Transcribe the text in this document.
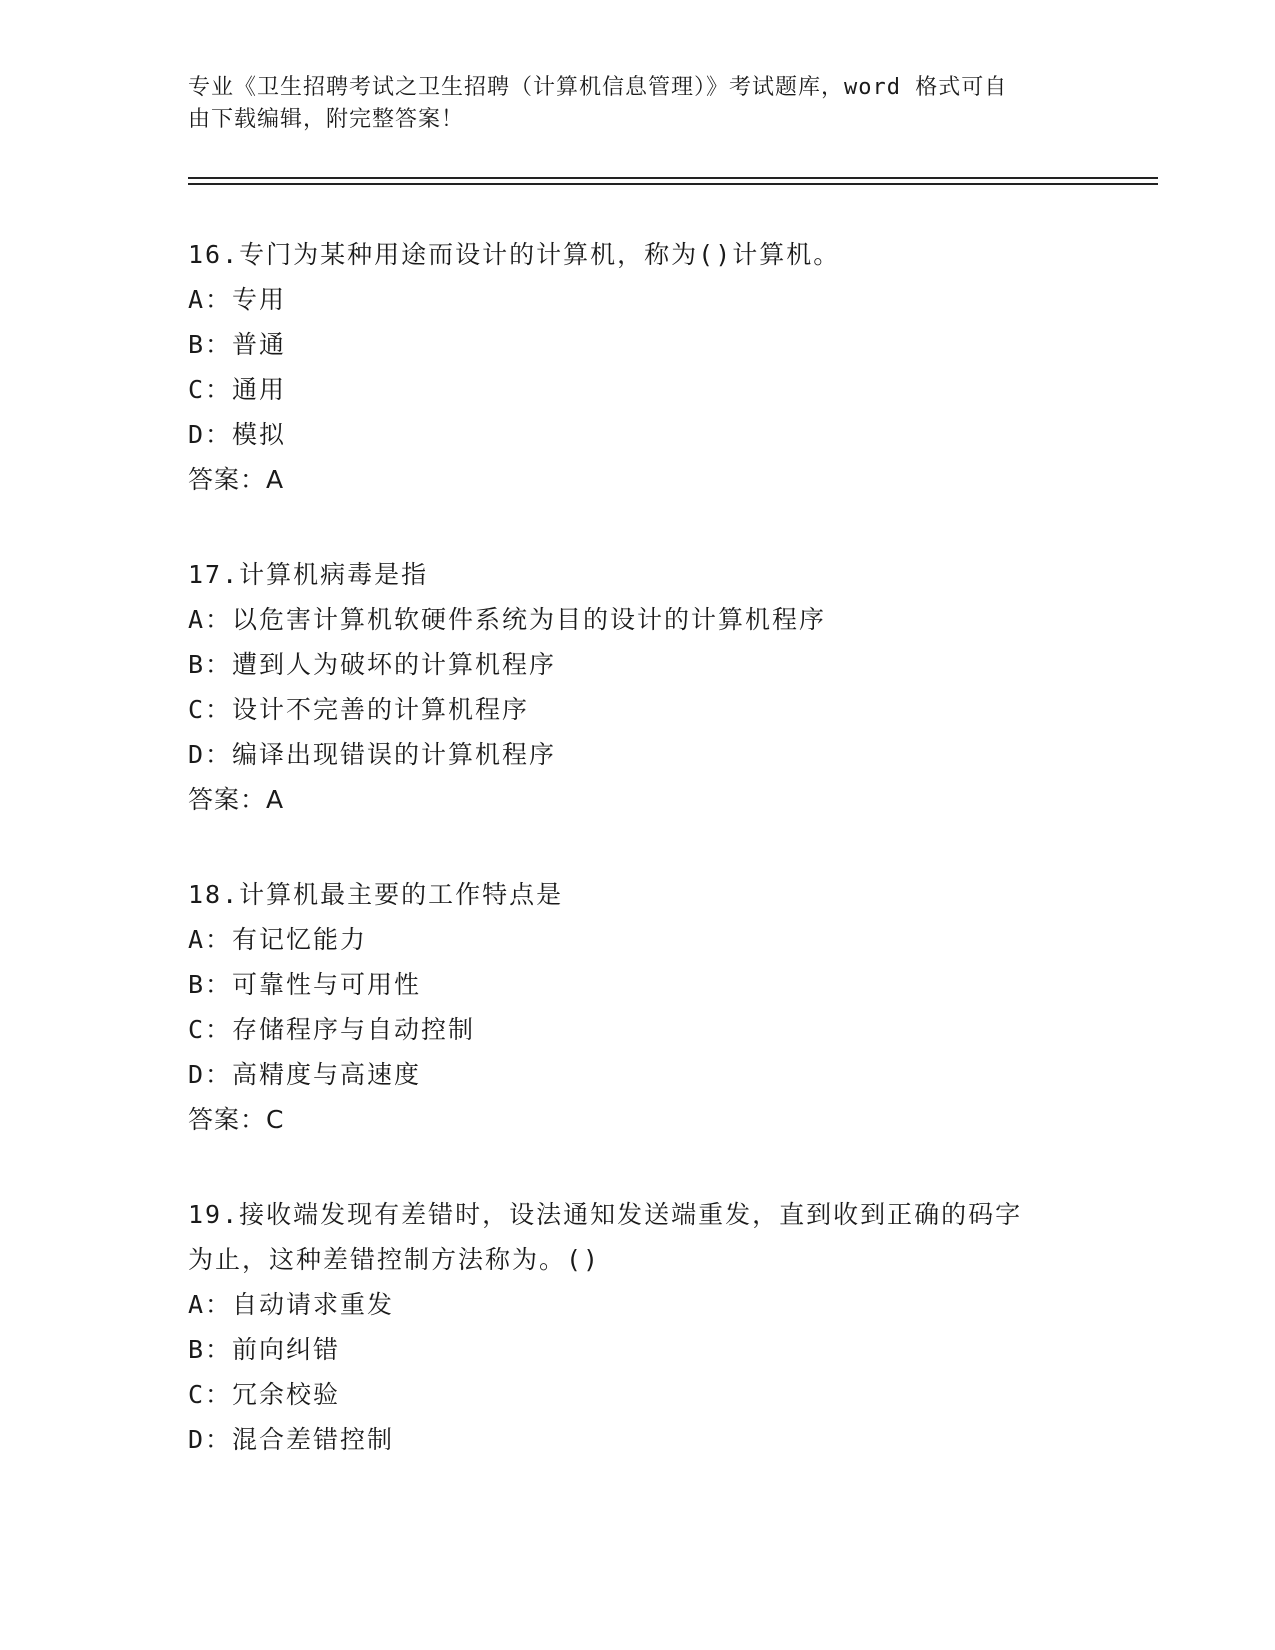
专业《卫生招聘考试之卫生招聘（计算机信息管理）》考试题库，word 格式可自
由下载编辑，附完整答案！

16.专门为某种用途而设计的计算机，称为()计算机。

A：专用

B：普通

C：通用

D：模拟

答案：A

17.计算机病毒是指

A：以危害计算机软硬件系统为目的设计的计算机程序

B：遭到人为破坏的计算机程序

C：设计不完善的计算机程序

D：编译出现错误的计算机程序

答案：A

18.计算机最主要的工作特点是

A：有记忆能力

B：可靠性与可用性

C：存储程序与自动控制

D：高精度与高速度

答案：C

19.接收端发现有差错时，设法通知发送端重发，直到收到正确的码字

为止，这种差错控制方法称为。()

A：自动请求重发

B：前向纠错

C：冗余校验

D：混合差错控制
